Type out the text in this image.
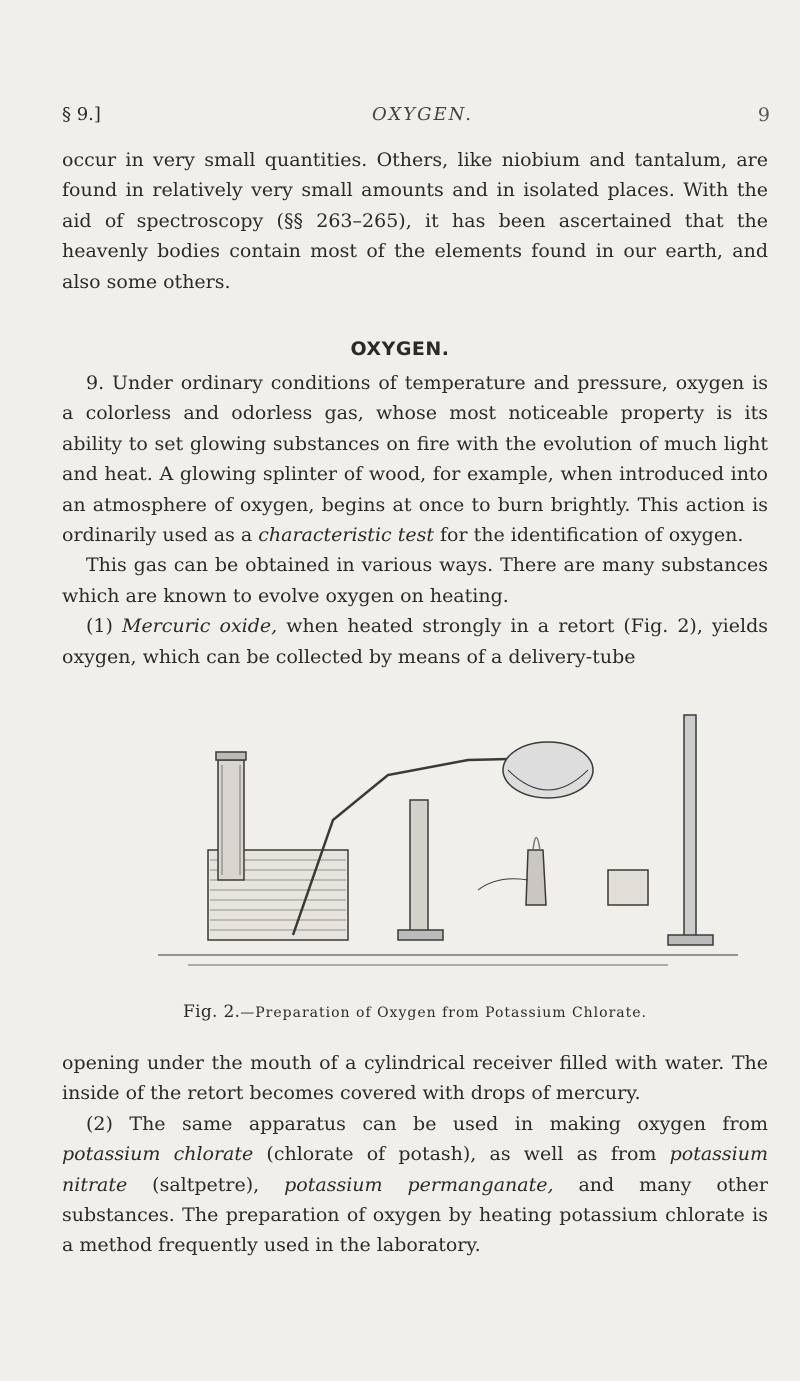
§ 9.]	OXYGEN.	9

occur in very small quantities. Others, like niobium and tantalum, are found in relatively very small amounts and in isolated places. With the aid of spectroscopy (§§ 263–265), it has been ascertained that the heavenly bodies contain most of the elements found in our earth, and also some others.

OXYGEN.

9. Under ordinary conditions of temperature and pressure, oxygen is a colorless and odorless gas, whose most noticeable property is its ability to set glowing substances on fire with the evolution of much light and heat. A glowing splinter of wood, for example, when introduced into an atmosphere of oxygen, begins at once to burn brightly. This action is ordinarily used as a characteristic test for the identification of oxygen.

This gas can be obtained in various ways. There are many substances which are known to evolve oxygen on heating.

(1) Mercuric oxide, when heated strongly in a retort (Fig. 2), yields oxygen, which can be collected by means of a delivery-tube

Fig. 2.—Preparation of Oxygen from Potassium Chlorate.

opening under the mouth of a cylindrical receiver filled with water. The inside of the retort becomes covered with drops of mercury.

(2) The same apparatus can be used in making oxygen from potassium chlorate (chlorate of potash), as well as from potassium nitrate (saltpetre), potassium permanganate, and many other substances. The preparation of oxygen by heating potassium chlorate is a method frequently used in the laboratory.
